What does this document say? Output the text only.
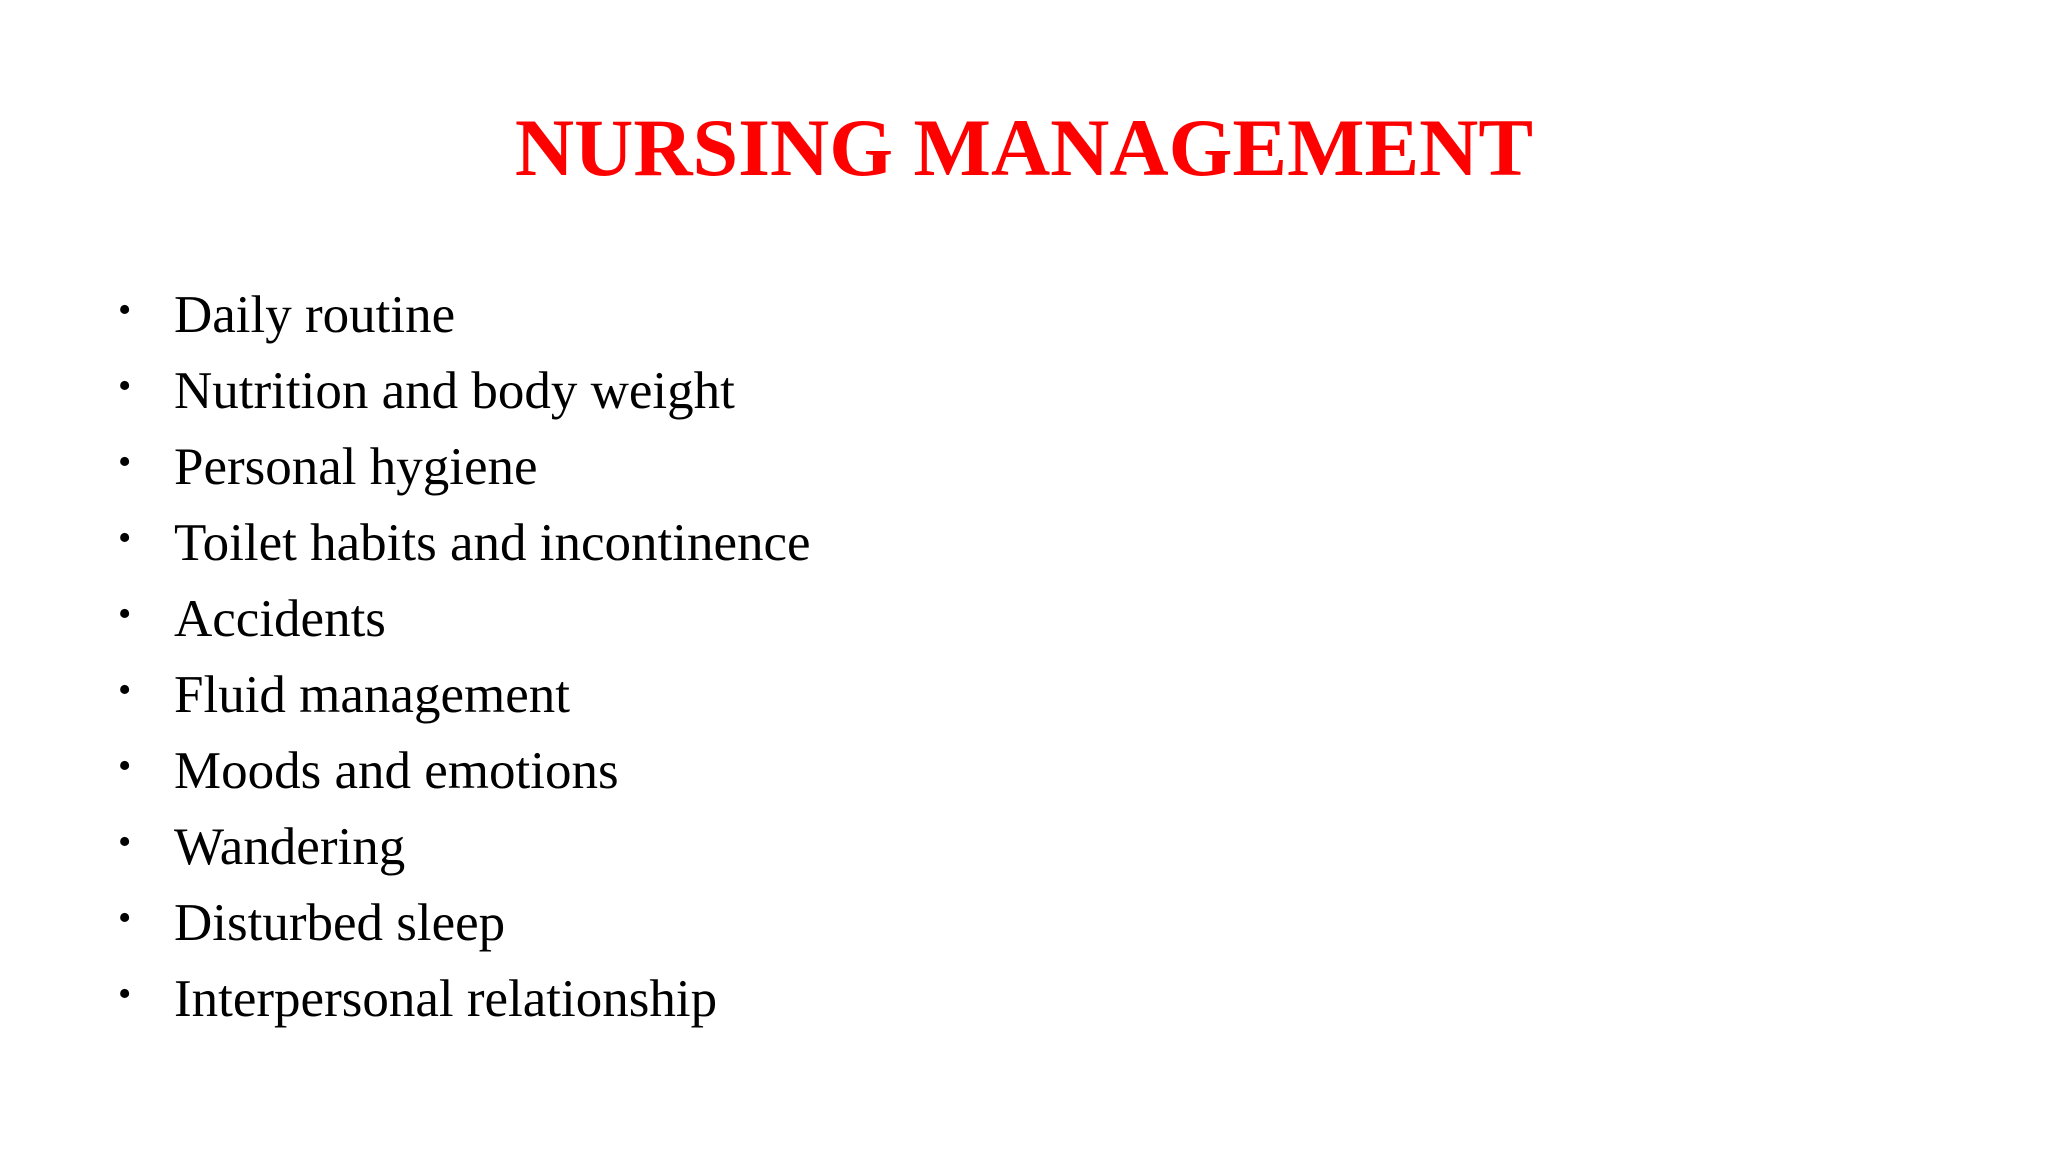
NURSING MANAGEMENT
• Daily routine
• Nutrition and body weight
• Personal hygiene
• Toilet habits and incontinence
• Accidents
• Fluid management
• Moods and emotions
• Wandering
• Disturbed sleep
• Interpersonal relationship
